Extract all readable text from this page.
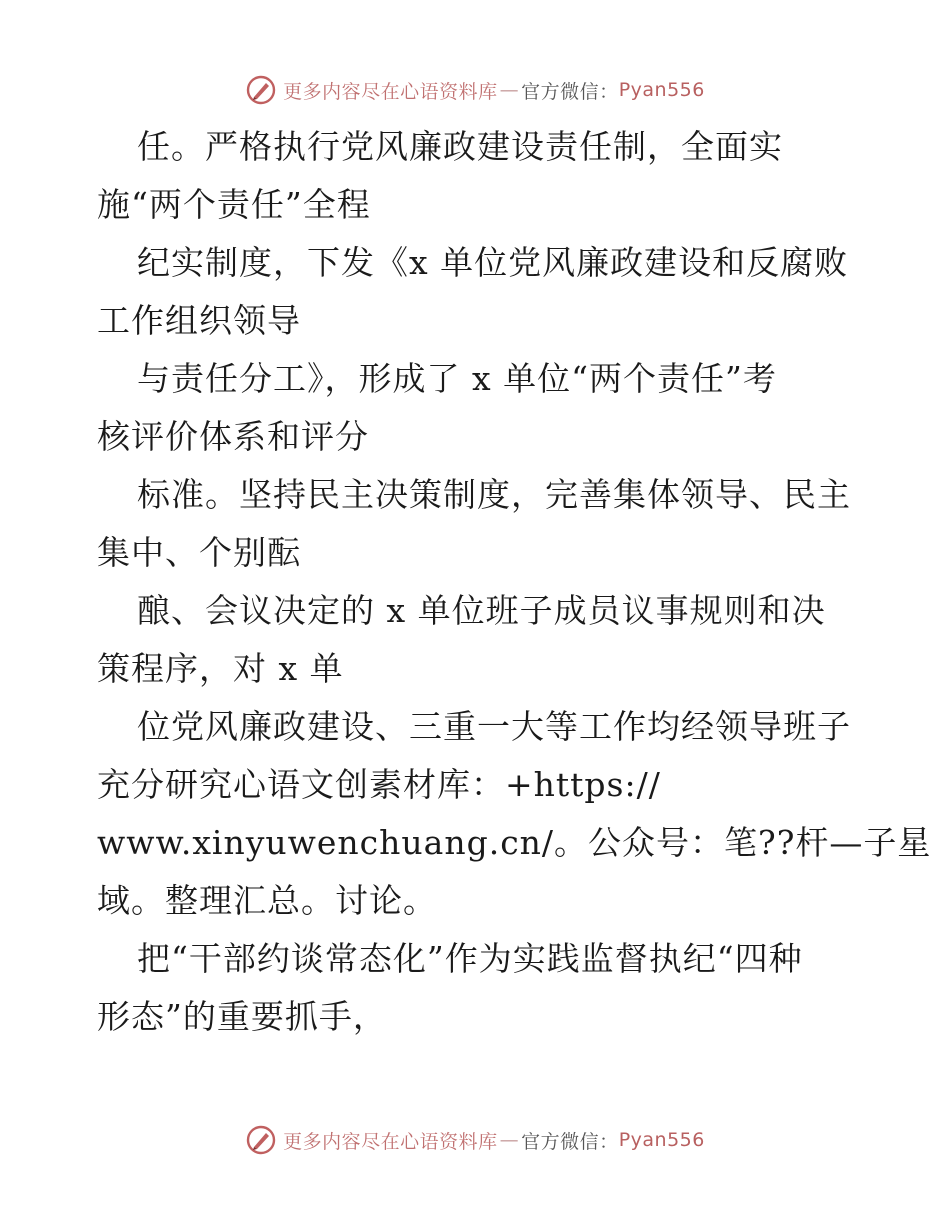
更多内容尽在心语资料库 — 官方微信： Pyan556
任。严格执行党风廉政建设责任制，全面实
施“两个责任”全程
纪实制度，下发《x 单位党风廉政建设和反腐败
工作组织领导
与责任分工》，形成了 x 单位“两个责任”考
核评价体系和评分
标准。坚持民主决策制度，完善集体领导、民主
集中、个别酝
酿、会议决定的 x 单位班子成员议事规则和决
策程序，对 x 单
位党风廉政建设、三重一大等工作均经领导班子
充分研究心语文创素材库：+https://
www.xinyuwenchuang.cn/。公众号：笔??杆—子星
域。整理汇总。讨论。
把“干部约谈常态化”作为实践监督执纪“四种
形态”的重要抓手，
更多内容尽在心语资料库 — 官方微信： Pyan556
